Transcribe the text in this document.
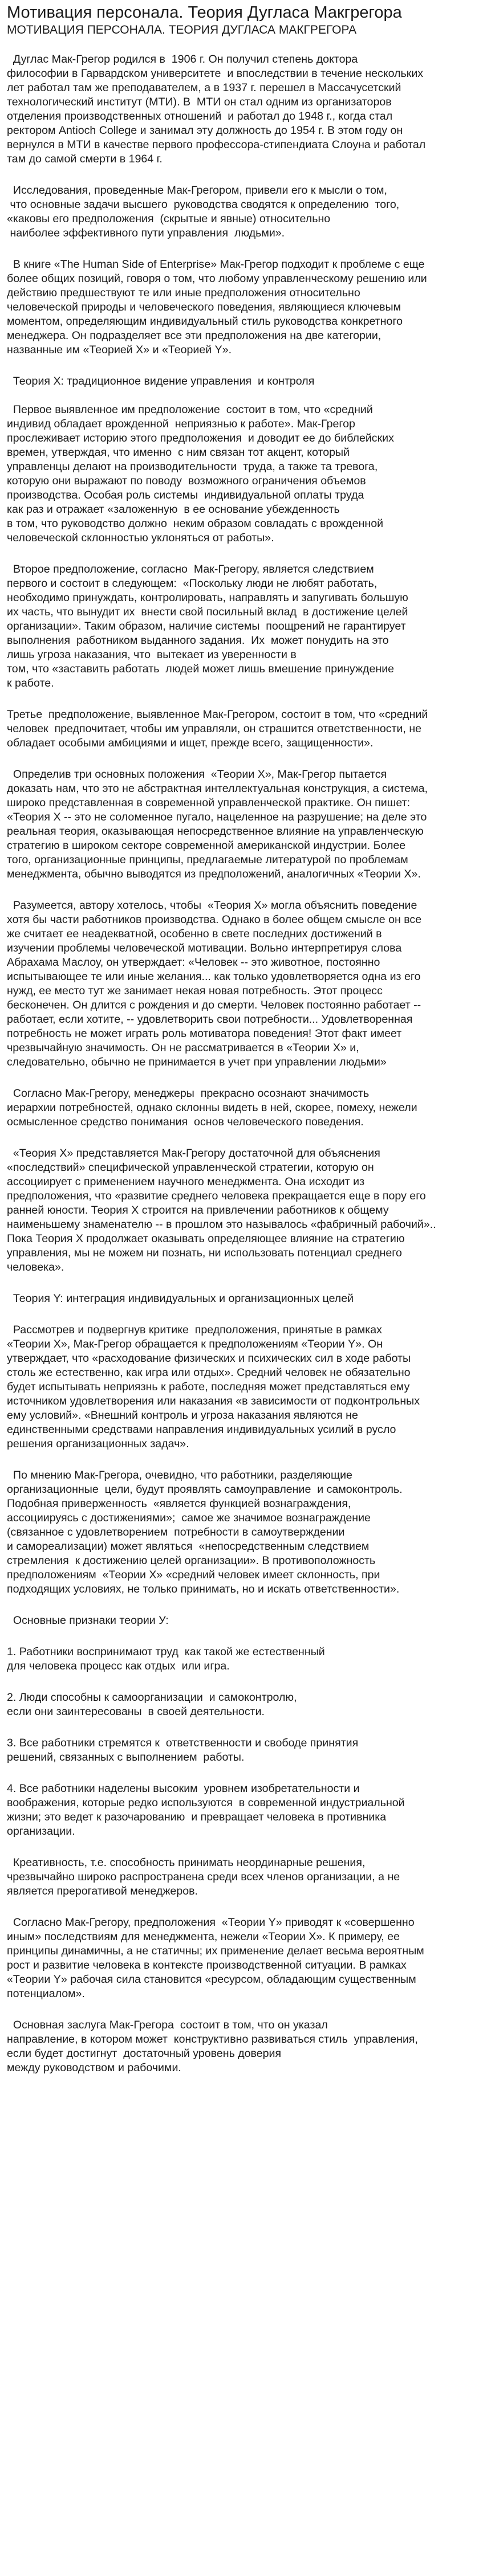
Мотивация персонала. Теория Дугласа Макгрегора
МОТИВАЦИЯ ПЕРСОНАЛА. ТЕОРИЯ ДУГЛАСА МАКГРЕГОРА

Дуглас Мак-Грегор родился в  1906 г. Он получил степень доктора
философии в Гарвардском университете  и впоследствии в течение нескольких
лет работал там же преподавателем, а в 1937 г. перешел в Массачусетский
технологический институт (МТИ). В  МТИ он стал одним из организаторов
отделения производственных отношений  и работал до 1948 г., когда стал
ректором Antioch College и занимал эту должность до 1954 г. В этом году он
вернулся в МТИ в качестве первого профессора-стипендиата Слоуна и работал
там до самой смерти в 1964 г.

Исследования, проведенные Мак-Грегором, привели его к мысли о том,
что основные задачи высшего  руководства сводятся к определению  того,
«каковы его предположения  (скрытые и явные) относительно
наиболее эффективного пути управления  людьми».

В книге «The Human Side of Enterprise» Мак-Грегор подходит к проблеме с еще
более общих позиций, говоря о том, что любому управленческому решению или
действию предшествуют те или иные предположения относительно
человеческой природы и человеческого поведения, являющиеся ключевым
моментом, определяющим индивидуальный стиль руководства конкретного
менеджера. Он подразделяет все эти предположения на две категории,
названные им «Теорией X» и «Теорией Y».

Теория X: традиционное видение управления  и контроля

Первое выявленное им предположение  состоит в том, что «средний
индивид обладает врожденной  неприязнью к работе». Мак-Грегор
прослеживает историю этого предположения  и доводит ее до библейских
времен, утверждая, что именно  с ним связан тот акцент, который
управленцы делают на производительности  труда, а также та тревога,
которую они выражают по поводу  возможного ограничения объемов
производства. Особая роль системы  индивидуальной оплаты труда
как раз и отражает «заложенную  в ее основание убежденность
в том, что руководство должно  неким образом совладать с врожденной
человеческой склонностью уклоняться от работы».

Второе предположение, согласно  Мак-Грегору, является следствием
первого и состоит в следующем:  «Поскольку люди не любят работать,
необходимо принуждать, контролировать, направлять и запугивать большую
их часть, что вынудит их  внести свой посильный вклад  в достижение целей
организации». Таким образом, наличие системы  поощрений не гарантирует
выполнения  работником выданного задания.  Их  может понудить на это
лишь угроза наказания, что  вытекает из уверенности в
том, что «заставить работать  людей может лишь вмешение принуждение
к работе.

Третье  предположение, выявленное Мак-Грегором, состоит в том, что «средний
человек  предпочитает, чтобы им управляли, он страшится ответственности, не
обладает особыми амбициями и ищет, прежде всего, защищенности».

Определив три основных положения  «Теории X», Мак-Грегор пытается
доказать нам, что это не абстрактная интеллектуальная конструкция, а система,
широко представленная в современной управленческой практике. Он пишет:
«Теория X -- это не соломенное пугало, нацеленное на разрушение; на деле это
реальная теория, оказывающая непосредственное влияние на управленческую
стратегию в широком секторе современной американской индустрии. Более
того, организационные принципы, предлагаемые литературой по проблемам
менеджмента, обычно выводятся из предположений, аналогичных «Теории X».

Разумеется, автору хотелось, чтобы  «Теория X» могла объяснить поведение
хотя бы части работников производства. Однако в более общем смысле он все
же считает ее неадекватной, особенно в свете последних достижений в
изучении проблемы человеческой мотивации. Вольно интерпретируя слова
Абрахама Маслоу, он утверждает: «Человек -- это животное, постоянно
испытывающее те или иные желания... как только удовлетворяется одна из его
нужд, ее место тут же занимает некая новая потребность. Этот процесс
бесконечен. Он длится с рождения и до смерти. Человек постоянно работает --
работает, если хотите, -- удовлетворить свои потребности... Удовлетворенная
потребность не может играть роль мотиватора поведения! Этот факт имеет
чрезвычайную значимость. Он не рассматривается в «Теории X» и,
следовательно, обычно не принимается в учет при управлении людьми»

Согласно Мак-Грегору, менеджеры  прекрасно осознают значимость
иерархии потребностей, однако склонны видеть в ней, скорее, помеху, нежели
осмысленное средство понимания  основ человеческого поведения.

«Теория X» представляется Мак-Грегору достаточной для объяснения
«последствий» специфической управленческой стратегии, которую он
ассоциирует с применением научного менеджмента. Она исходит из
предположения, что «развитие среднего человека прекращается еще в пору его
ранней юности. Теория X строится на привлечении работников к общему
наименьшему знаменателю -- в прошлом это называлось «фабричный рабочий»..
Пока Теория X продолжает оказывать определяющее влияние на стратегию
управления, мы не можем ни познать, ни использовать потенциал среднего
человека».

Теория Y: интеграция индивидуальных и организационных целей

Рассмотрев и подвергнув критике  предположения, принятые в рамках
«Теории X», Мак-Грегор обращается к предположениям «Теории Y». Он
утверждает, что «расходование физических и психических сил в ходе работы
столь же естественно, как игра или отдых». Средний человек не обязательно
будет испытывать неприязнь к работе, последняя может представляться ему
источником удовлетворения или наказания «в зависимости от подконтрольных
ему условий». «Внешний контроль и угроза наказания являются не
единственными средствами направления индивидуальных усилий в русло
решения организационных задач».

По мнению Мак-Грегора, очевидно, что работники, разделяющие
организационные  цели, будут проявлять самоуправление  и самоконтроль.
Подобная приверженность  «является функцией вознаграждения,
ассоциируясь с достижениями»;  самое же значимое вознаграждение
(связанное с удовлетворением  потребности в самоутверждении
и самореализации) может являться  «непосредственным следствием
стремления  к достижению целей организации». В противоположность
предположениям  «Теории X» «средний человек имеет склонность, при
подходящих условиях, не только принимать, но и искать ответственности».

Основные признаки теории У:

1. Работники воспринимают труд  как такой же естественный
для человека процесс как отдых  или игра.

2. Люди способны к самоорганизации  и самоконтролю,
если они заинтересованы  в своей деятельности.

3. Все работники стремятся к  ответственности и свободе принятия
решений, связанных с выполнением  работы.

4. Все работники наделены высоким  уровнем изобретательности и
воображения, которые редко используются  в современной индустриальной
жизни; это ведет к разочарованию  и превращает человека в противника
организации.

Креативность, т.е. способность принимать неординарные решения,
чрезвычайно широко распространена среди всех членов организации, а не
является прерогативой менеджеров.

Согласно Мак-Грегору, предположения  «Теории Y» приводят к «совершенно
иным» последствиям для менеджмента, нежели «Теории X». К примеру, ее
принципы динамичны, а не статичны; их применение делает весьма вероятным
рост и развитие человека в контексте производственной ситуации. В рамках
«Теории Y» рабочая сила становится «ресурсом, обладающим существенным
потенциалом».

Основная заслуга Мак-Грегора  состоит в том, что он указал
направление, в котором может  конструктивно развиваться стиль  управления,
если будет достигнут  достаточный уровень доверия
между руководством и рабочими.
